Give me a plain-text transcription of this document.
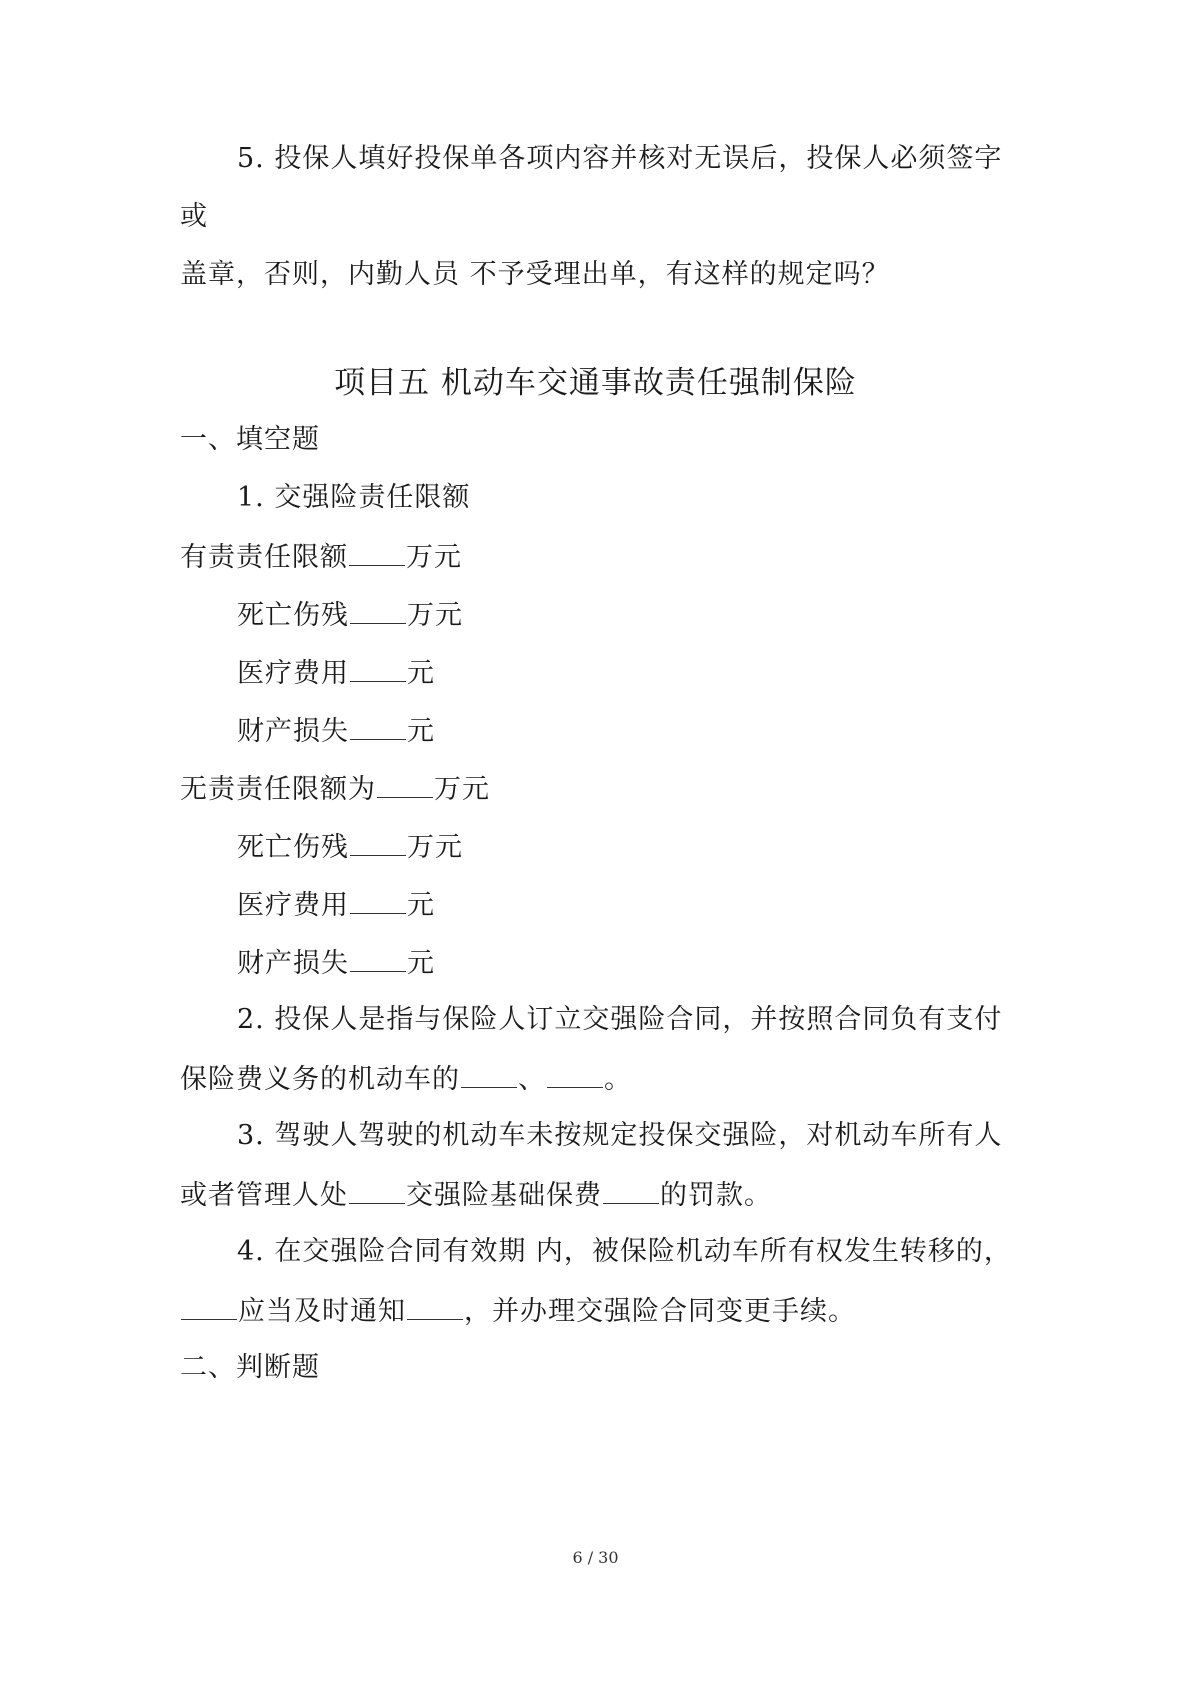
5. 投保人填好投保单各项内容并核对无误后，投保人必须签字
或
盖章，否则，内勤人员 不予受理出单，有这样的规定吗？
项目五 机动车交通事故责任强制保险
一、填空题
1. 交强险责任限额
有责责任限额 万元
死亡伤残 万元
医疗费用 元
财产损失 元
无责责任限额为 万元
死亡伤残 万元
医疗费用 元
财产损失 元
2. 投保人是指与保险人订立交强险合同，并按照合同负有支付
保险费义务的机动车的 、 。
3. 驾驶人驾驶的机动车未按规定投保交强险，对机动车所有人
或者管理人处 交强险基础保费 的罚款。
4. 在交强险合同有效期 内，被保险机动车所有权发生转移的，
应当及时通知 ，并办理交强险合同变更手续。
二、判断题
6 / 30
